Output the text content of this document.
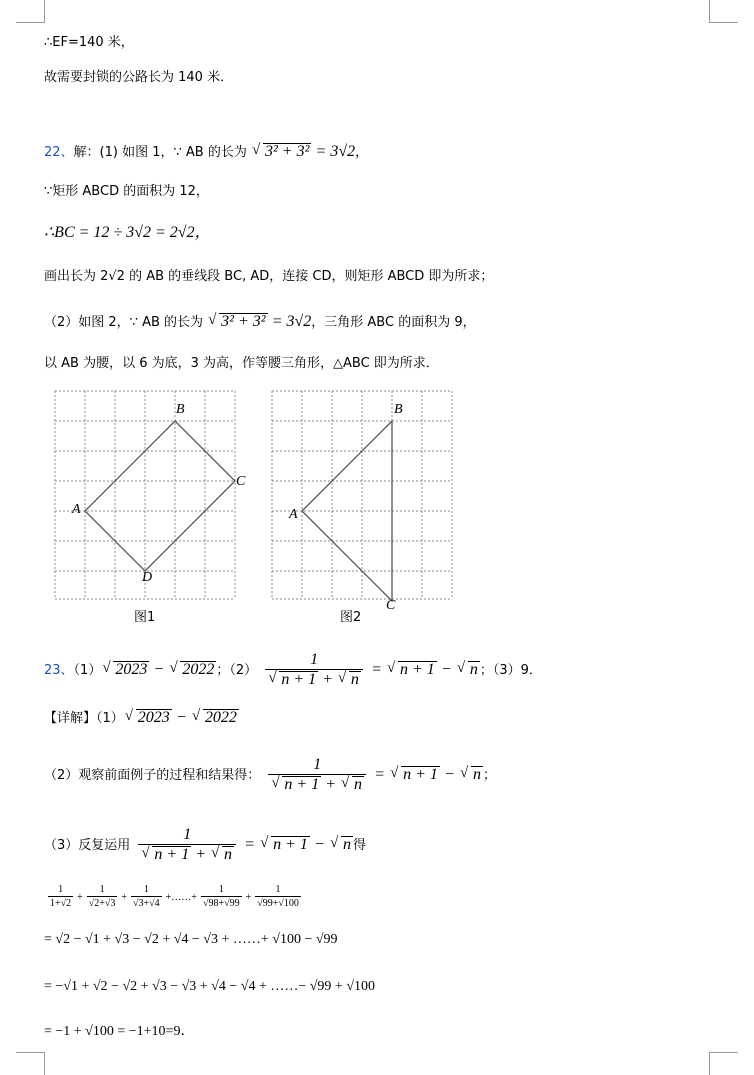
∴EF=140 米，
故需要封锁的公路长为 140 米．
22、解：(1) 如图 1，∵ AB 的长为 √ 3² + 3² = 3√2，
∵矩形 ABCD 的面积为 12，
∴BC = 12 ÷ 3√2 = 2√2，
画出长为 2√2 的 AB 的垂线段 BC, AD，连接 CD，则矩形 ABCD 即为所求；
（2）如图 2，∵ AB 的长为 √ 3² + 3² = 3√2，三角形 ABC 的面积为 9，
以 AB 为腰，以 6 为底，3 为高，作等腰三角形，△ABC 即为所求．
A
B
C
D
图1
A
B
C
图2
23、（1） √ 2023 − √ 2022 ；（2） 1
√ n + 1 + √ n = √ n + 1 − √ n ；（3）9．
【详解】（1） √ 2023 − √ 2022
（2）观察前面例子的过程和结果得： 1
√ n + 1 + √ n = √ n + 1 − √ n ；
（3）反复运用 1
√ n + 1 + √ n = √ n + 1 − √ n 得
$\frac{1}{1+√2} + \frac{1}{√2+√3} + \frac{1}{√3+√4}$ +……+ $\frac{1}{√98+√99} + \frac{1}{√99+√100}$
= √2 − √1 + √3 − √2 + √4 − √3 + ……+ √100 − √99
= −√1 + √2 − √2 + √3 − √3 + √4 − √4 + ……− √99 + √100
= −1 + √100 = −1+10=9．
